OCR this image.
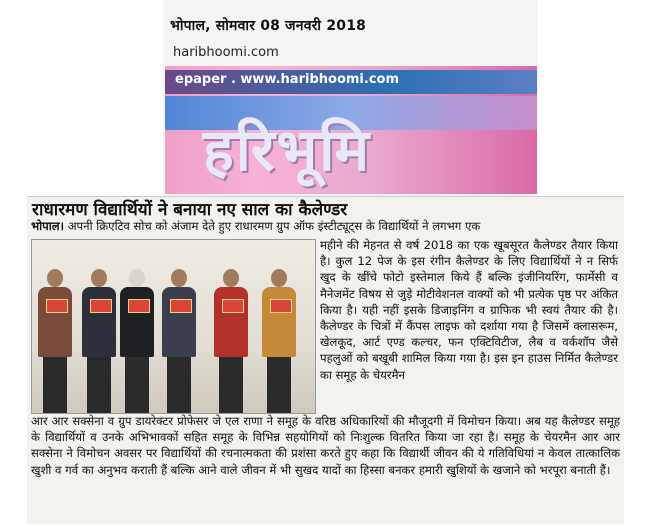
भोपाल, सोमवार 08 जनवरी 2018
haribhoomi.com
epaper . www.haribhoomi.com
हरिभूमि
राधारमण विद्यार्थियों ने बनाया नए साल का कैलेण्डर
भोपाल। अपनी क्रिएटिव सोच को अंजाम देते हुए राधारमण ग्रुप ऑफ इंस्टीट्यूट्स के विद्यार्थियों ने लगभग एक
महीने की मेहनत से वर्ष 2018 का एक खूबसूरत कैलेण्डर तैयार किया है। कुल 12 पेज के इस रंगीन कैलेण्डर के लिए विद्यार्थियों ने न सिर्फ खुद के खींचे फोटो इस्तेमाल किये हैं बल्कि इंजीनियरिंग, फार्मेसी व मैनेजमेंट विषय से जुड़े मोटीवेशनल वाक्यों को भी प्रत्येक पृष्ठ पर अंकित किया है। यही नहीं इसके डिजाइनिंग व ग्राफिक भी स्वयं तैयार की है। कैलेण्डर के चित्रों में कैंपस लाइफ को दर्शाया गया है जिसमें क्लासरूम, खेलकूद, आर्ट एण्ड कल्चर, फन एक्टिविटीज, लैब व वर्कशॉप जैसे पहलुओं को बखूबी शामिल किया गया है। इस इन हाउस निर्मित कैलेण्डर का समूह के चेयरमैन
आर आर सक्सेना व ग्रुप डायरेक्टर प्रोफेसर जे एल राणा ने समूह के वरिष्ठ अधिकारियों की मौजूदगी में विमोचन किया। अब यह कैलेण्डर समूह के विद्यार्थियों व उनके अभिभावकों सहित समूह के विभिन्न सहयोगियों को निःशुल्क वितरित किया जा रहा है। समूह के चेयरमैन आर आर सक्सेना ने विमोचन अवसर पर विद्यार्थियों की रचनात्मकता की प्रशंसा करते हुए कहा कि विद्यार्थी जीवन की ये गतिविधियां न केवल तात्कालिक खुशी व गर्व का अनुभव कराती हैं बल्कि आने वाले जीवन में भी सुखद यादों का हिस्सा बनकर हमारी खुशियों के खजाने को भरपूरा बनाती हैं।
